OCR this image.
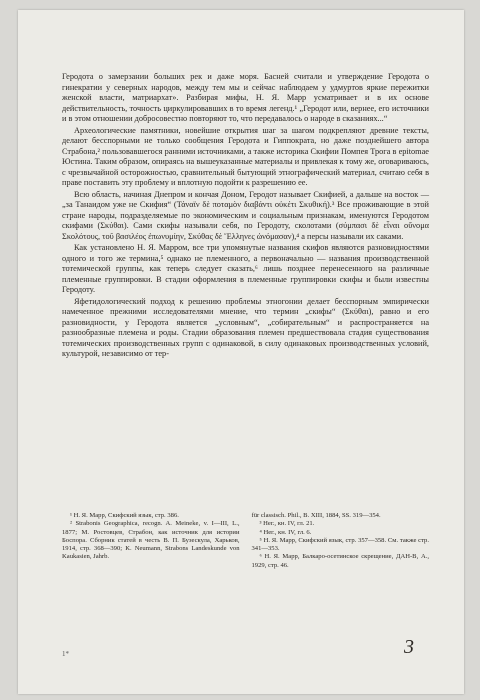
Геродота о замерзании больших рек и даже моря. Басней считали и утверждение Геродота о гинекратии у северных народов, между тем мы и сейчас наблюдаем у удмуртов яркие пережитки женской власти, матриархат». Разбирая мифы, Н. Я. Марр усматривает и в их основе действительность, точность циркулировавших в то время легенд.¹ „Геродот или, вернее, его источники и в этом отношении добросовестно повторяют то, что передавалось о народе в сказаниях...“

Археологические памятники, новейшие открытия шаг за шагом подкрепляют древние тексты, делают бесспорными не только сообщения Геродота и Гиппократа, но даже позднейшего автора Страбона,² пользовавшегося ранними источниками, а также историка Скифии Помпея Трога в epitomae Юстина. Таким образом, опираясь на вышеуказанные материалы и привлекая к тому же, оговариваюсь, с чрезвычайной осторожностью, сравнительный бытующий этнографический материал, считаю себя в праве поставить эту проблему и вплотную подойти к разрешению ее.

Всю область, начиная Днепром и кончая Доном, Геродот называет Скифией, а дальше на восток — „за Танаидом уже не Скифия“ (Τάναϊν δὲ ποταμὸν διαβάντι οὐκέτι Σκυθική).³ Все проживающие в этой стране народы, подразделяемые по экономическим и социальным признакам, именуются Геродотом скифами (Σκύθαι). Сами скифы называли себя, по Геродоту, сколотами (σύμπασι δὲ εἶναι οὔνομα Σκολότους, τοῦ βασιλέος ἐπωνυμίην, Σκύθας δὲ Ἕλληνες ὠνόμασαν),⁴ а персы называли их саками.

Как установлено Н. Я. Марром, все три упомянутые названия скифов являются разновидностями одного и того же термина,⁵ однако не племенного, а первоначально — названия производственной тотемической группы, как теперь следует сказать,⁶ лишь позднее перенесенного на различные племенные группировки. В стадии оформления в племенные группировки скифы и были известны Геродоту.

Яфетидологический подход к решению проблемы этногонии делает бесспорным эмпирически намеченное прежними исследователями мнение, что термин „скифы“ (Σκύθαι), равно и его разновидности, у Геродота является „условным“, „собирательным“ и распространяется на разнообразные племена и роды. Стадии образования племен предшествовала стадия существования тотемических производственных групп с одинаковой, в силу одинаковых производственных условий, культурой, независимо от тер-

¹ Н. Я. Марр, Скифский язык, стр. 386.
² Strabonis Geographica, recogn. A. Meineke, v. I—III, L., 1877; М. Ростовцев, Страбон, как источник для истории Боспора. Сборник статей в честь В. П. Бузескула, Харьков, 1914, стр. 368—390; K. Neumann, Strabons Landeskunde von Kaukasien, Jahrb.
für classisch. Phil., B. XIII, 1884, SS. 319—354.
³ Нег., кн. IV, гл. 21.
⁴ Нег., кн. IV, гл. 6.
⁵ Н. Я. Марр, Скифский язык, стр. 357—358. См. также стр. 341—353.
⁶ Н. Я. Марр, Балкаро-осетинское скрещение, ДАН-В, А., 1929, стр. 46.
1*	3
